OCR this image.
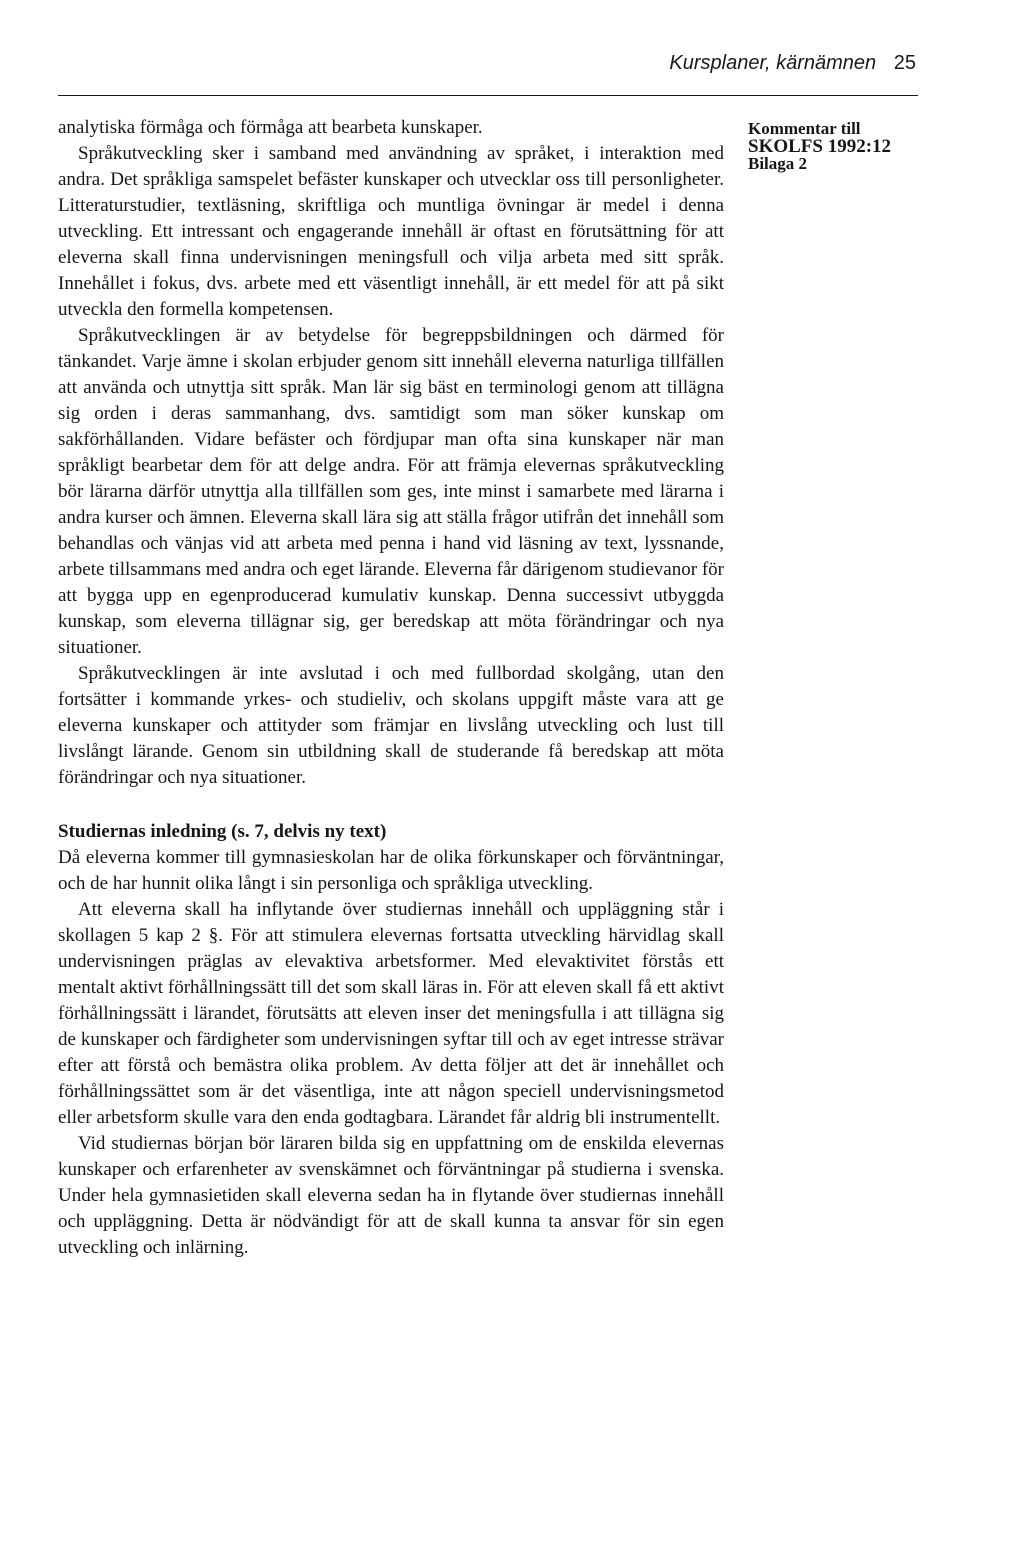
Kursplaner, kärnämnen 25
Kommentar till
SKOLFS 1992:12
Bilaga 2

analytiska förmåga och förmåga att bearbeta kunskaper.

Språkutveckling sker i samband med användning av språket, i interaktion med andra. Det språkliga samspelet befäster kunskaper och utvecklar oss till personligheter. Litteraturstudier, textläsning, skriftliga och muntliga övningar är medel i denna utveckling. Ett intressant och engagerande innehåll är oftast en förutsättning för att eleverna skall finna undervisningen meningsfull och vilja arbeta med sitt språk. Innehållet i fokus, dvs. arbete med ett väsentligt innehåll, är ett medel för att på sikt utveckla den formella kompetensen.

Språkutvecklingen är av betydelse för begreppsbildningen och därmed för tänkandet. Varje ämne i skolan erbjuder genom sitt innehåll eleverna naturliga tillfällen att använda och utnyttja sitt språk. Man lär sig bäst en terminologi genom att tillägna sig orden i deras sammanhang, dvs. samtidigt som man söker kunskap om sakförhållanden. Vidare befäster och fördjupar man ofta sina kunskaper när man språkligt bearbetar dem för att delge andra. För att främja elevernas språkutveckling bör lärarna därför utnyttja alla tillfällen som ges, inte minst i samarbete med lärarna i andra kurser och ämnen. Eleverna skall lära sig att ställa frågor utifrån det innehåll som behandlas och vänjas vid att arbeta med penna i hand vid läsning av text, lyssnande, arbete tillsammans med andra och eget lärande. Eleverna får därigenom studievanor för att bygga upp en egenproducerad kumulativ kunskap. Denna successivt utbyggda kunskap, som eleverna tillägnar sig, ger beredskap att möta förändringar och nya situationer.

Språkutvecklingen är inte avslutad i och med fullbordad skolgång, utan den fortsätter i kommande yrkes- och studieliv, och skolans uppgift måste vara att ge eleverna kunskaper och attityder som främjar en livslång utveckling och lust till livslångt lärande. Genom sin utbildning skall de studerande få beredskap att möta förändringar och nya situationer.

Studiernas inledning (s. 7, delvis ny text)

Då eleverna kommer till gymnasieskolan har de olika förkunskaper och förväntningar, och de har hunnit olika långt i sin personliga och språkliga utveckling.

Att eleverna skall ha inflytande över studiernas innehåll och uppläggning står i skollagen 5 kap 2 §. För att stimulera elevernas fortsatta utveckling härvidlag skall undervisningen präglas av elevaktiva arbetsformer. Med elevaktivitet förstås ett mentalt aktivt förhållningssätt till det som skall läras in. För att eleven skall få ett aktivt förhållningssätt i lärandet, förutsätts att eleven inser det meningsfulla i att tillägna sig de kunskaper och färdigheter som undervisningen syftar till och av eget intresse strävar efter att förstå och bemästra olika problem. Av detta följer att det är innehållet och förhållningssättet som är det väsentliga, inte att någon speciell undervisningsmetod eller arbetsform skulle vara den enda godtagbara. Lärandet får aldrig bli instrumentellt.

Vid studiernas början bör läraren bilda sig en uppfattning om de enskilda elevernas kunskaper och erfarenheter av svenskämnet och förväntningar på studierna i svenska. Under hela gymnasietiden skall eleverna sedan ha in flytande över studiernas innehåll och uppläggning. Detta är nödvändigt för att de skall kunna ta ansvar för sin egen utveckling och inlärning.
